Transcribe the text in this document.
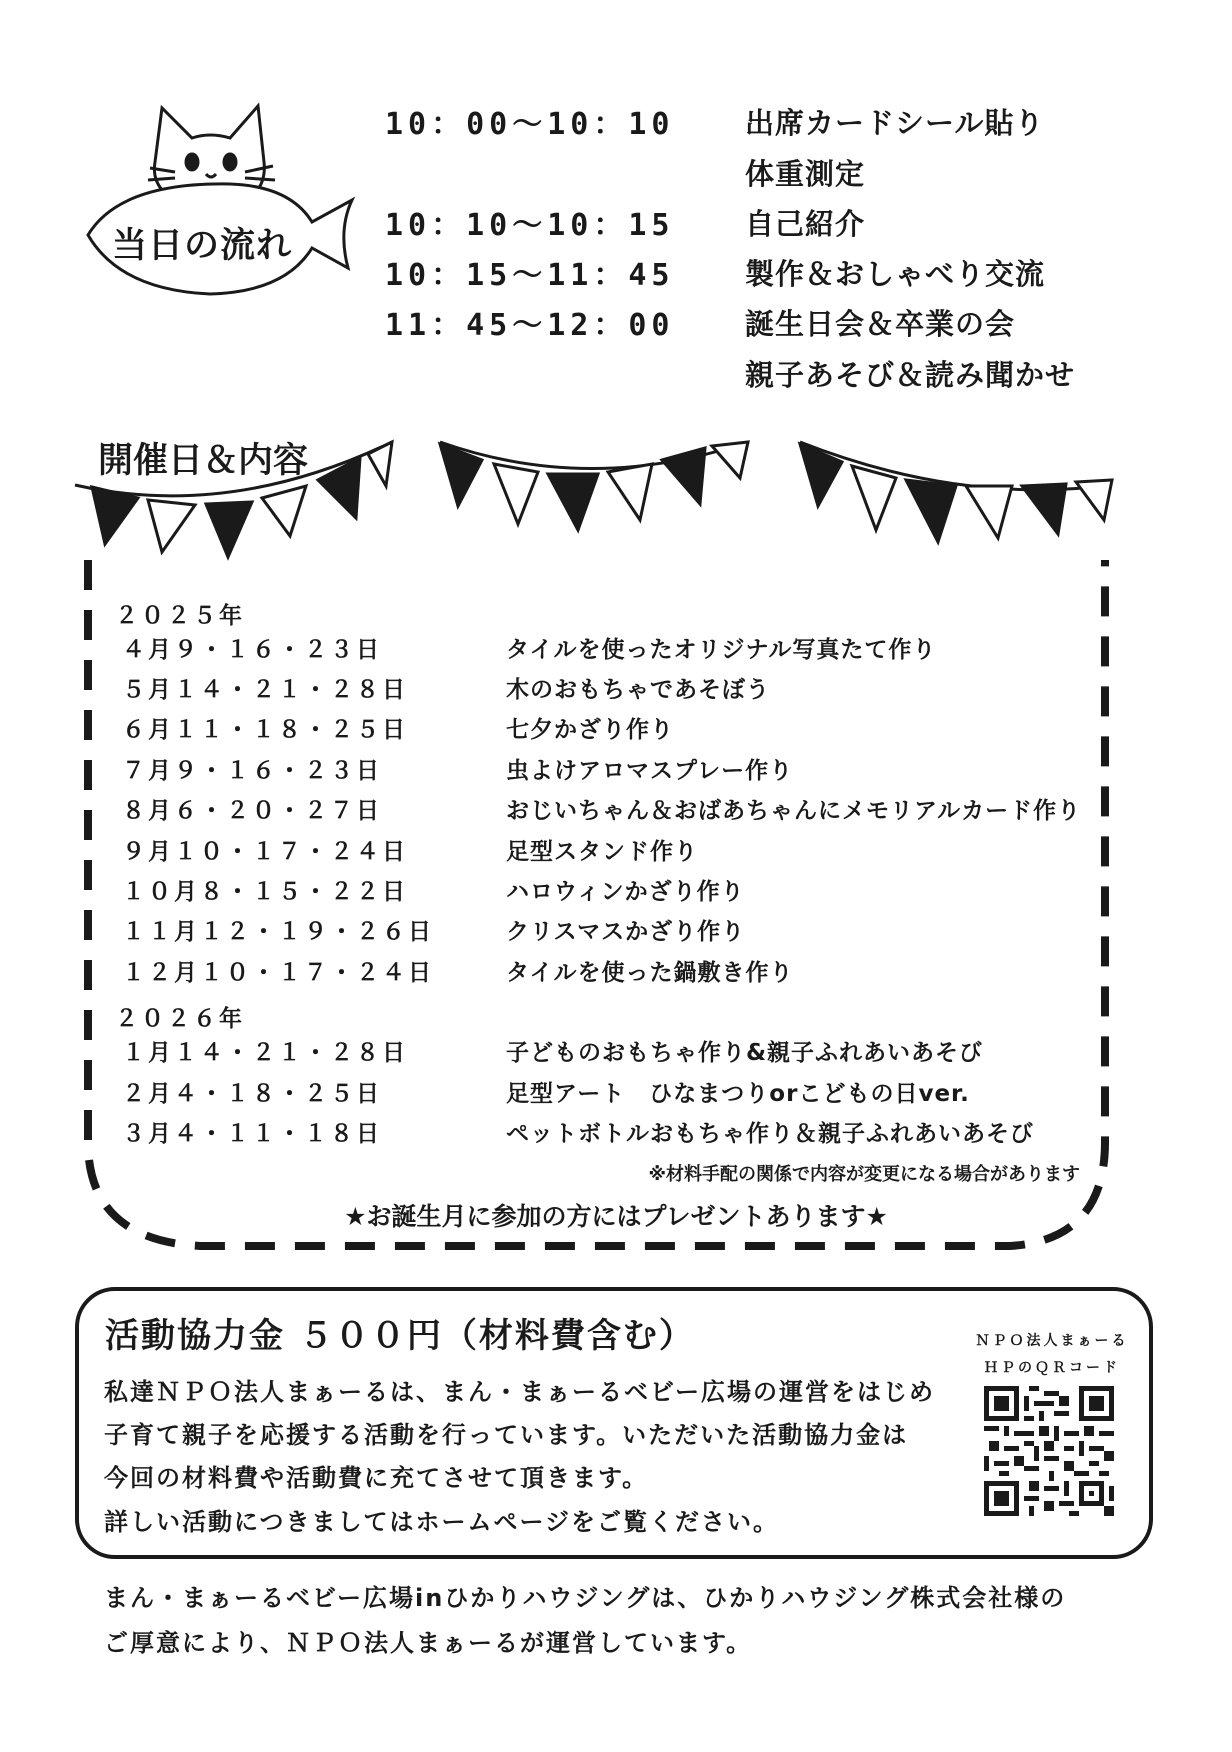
当日の流れ
10：00～10：10	出席カードシール貼り
体重測定
10：10～10：15	自己紹介
10：15～11：45	製作＆おしゃべり交流
11：45～12：00	誕生日会＆卒業の会
親子あそび＆読み聞かせ
開催日＆内容
２０２５年
４月９・１６・２３日	タイルを使ったオリジナル写真たて作り
５月１４・２１・２８日	木のおもちゃであそぼう
６月１１・１８・２５日	七夕かざり作り
７月９・１６・２３日	虫よけアロマスプレー作り
８月６・２０・２７日	おじいちゃん＆おばあちゃんにメモリアルカード作り
９月１０・１７・２４日	足型スタンド作り
１０月８・１５・２２日	ハロウィンかざり作り
１１月１２・１９・２６日	クリスマスかざり作り
１２月１０・１７・２４日	タイルを使った鍋敷き作り
２０２６年
１月１４・２１・２８日	子どものおもちゃ作り&親子ふれあいあそび
２月４・１８・２５日	足型アート　ひなまつりorこどもの日ver.
３月４・１１・１８日	ペットボトルおもちゃ作り＆親子ふれあいあそび
※材料手配の関係で内容が変更になる場合があります
★お誕生月に参加の方にはプレゼントあります★
活動協力金 ５００円（材料費含む）
私達ＮＰＯ法人まぁーるは、まん・まぁーるベビー広場の運営をはじめ
子育て親子を応援する活動を行っています。いただいた活動協力金は
今回の材料費や活動費に充てさせて頂きます。
詳しい活動につきましてはホームページをご覧ください。
ＮＰＯ法人まぁーる
ＨＰのＱＲコード
まん・まぁーるベビー広場inひかりハウジングは、ひかりハウジング株式会社様の
ご厚意により、ＮＰＯ法人まぁーるが運営しています。
